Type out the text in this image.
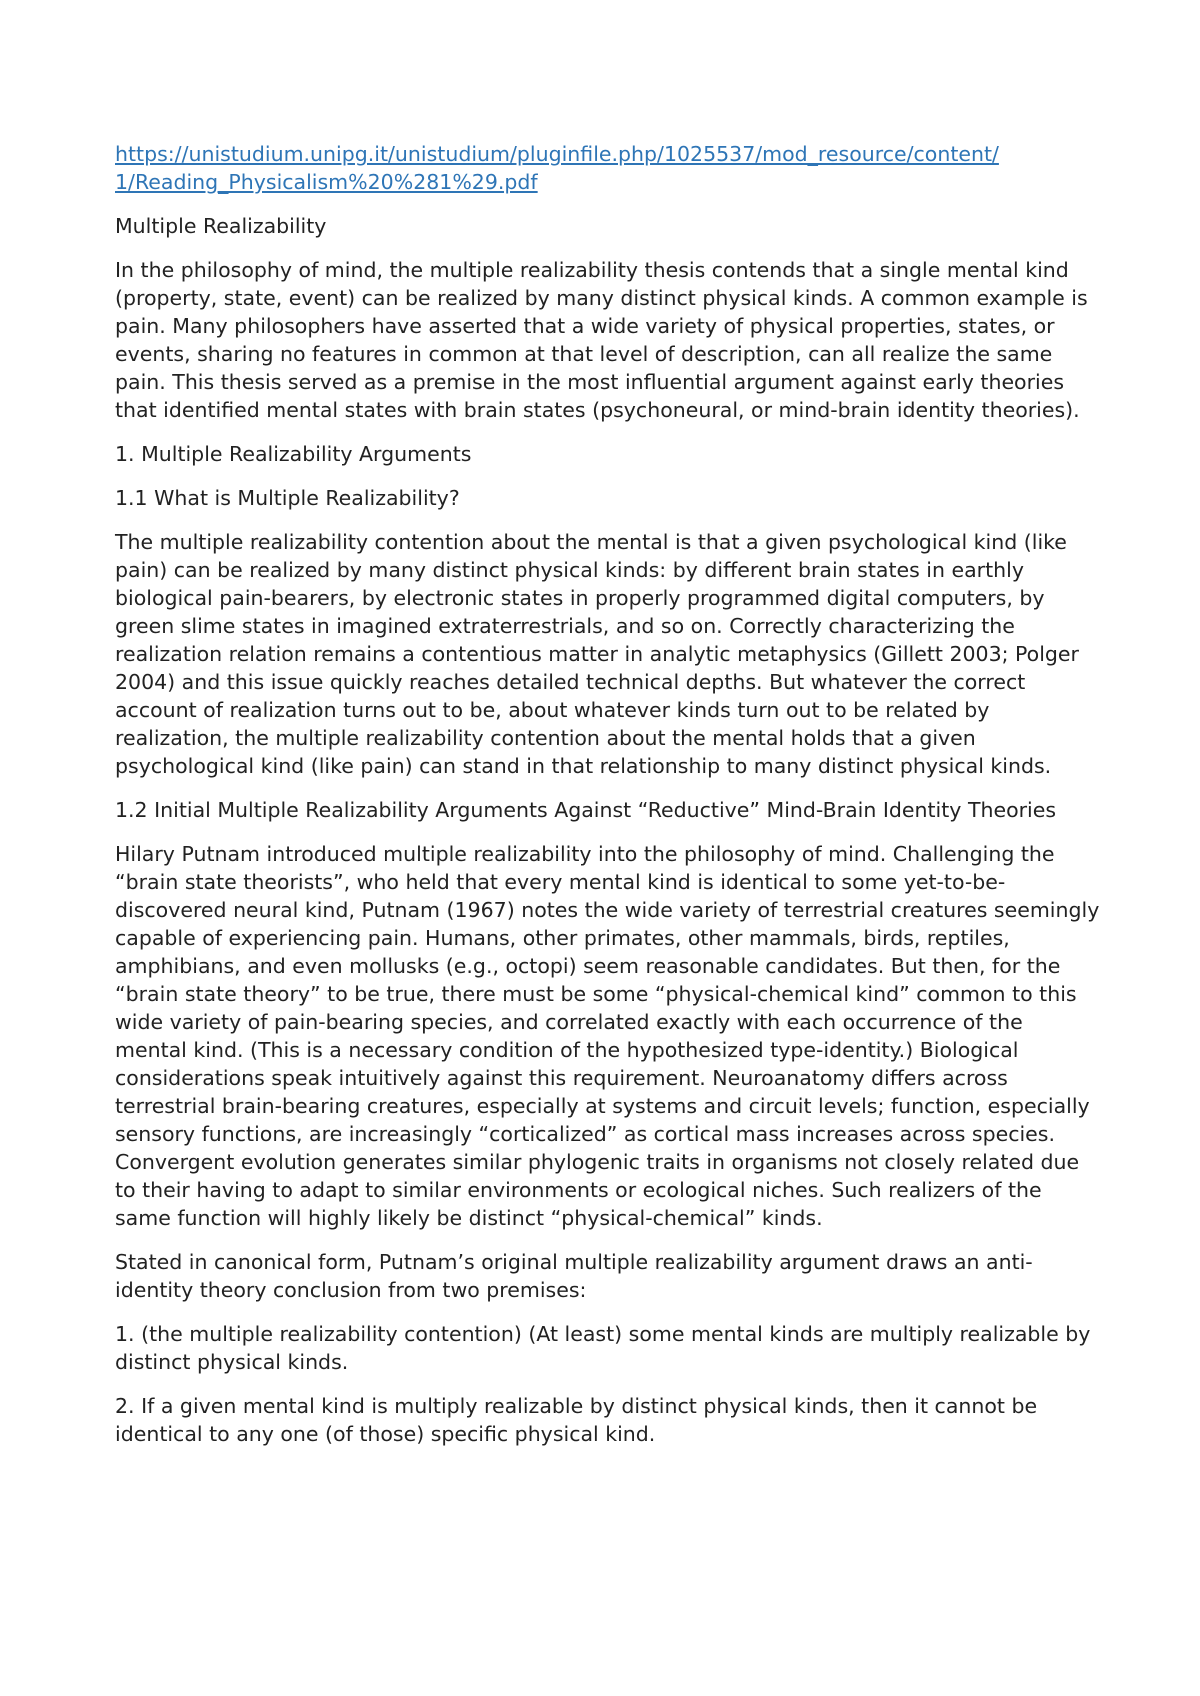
https://unistudium.unipg.it/unistudium/pluginfile.php/1025537/mod_resource/content/
1/Reading_Physicalism%20%281%29.pdf

Multiple Realizability

In the philosophy of mind, the multiple realizability thesis contends that a single mental kind (property, state, event) can be realized by many distinct physical kinds. A common example is pain. Many philosophers have asserted that a wide variety of physical properties, states, or events, sharing no features in common at that level of description, can all realize the same pain. This thesis served as a premise in the most influential argument against early theories that identified mental states with brain states (psychoneural, or mind-brain identity theories).

1. Multiple Realizability Arguments

1.1 What is Multiple Realizability?

The multiple realizability contention about the mental is that a given psychological kind (like pain) can be realized by many distinct physical kinds: by different brain states in earthly biological pain-bearers, by electronic states in properly programmed digital computers, by green slime states in imagined extraterrestrials, and so on. Correctly characterizing the realization relation remains a contentious matter in analytic metaphysics (Gillett 2003; Polger 2004) and this issue quickly reaches detailed technical depths. But whatever the correct account of realization turns out to be, about whatever kinds turn out to be related by realization, the multiple realizability contention about the mental holds that a given psychological kind (like pain) can stand in that relationship to many distinct physical kinds.

1.2 Initial Multiple Realizability Arguments Against “Reductive” Mind-Brain Identity Theories

Hilary Putnam introduced multiple realizability into the philosophy of mind. Challenging the “brain state theorists”, who held that every mental kind is identical to some yet-to-be-discovered neural kind, Putnam (1967) notes the wide variety of terrestrial creatures seemingly capable of experiencing pain. Humans, other primates, other mammals, birds, reptiles, amphibians, and even mollusks (e.g., octopi) seem reasonable candidates. But then, for the “brain state theory” to be true, there must be some “physical-chemical kind” common to this wide variety of pain-bearing species, and correlated exactly with each occurrence of the mental kind. (This is a necessary condition of the hypothesized type-identity.) Biological considerations speak intuitively against this requirement. Neuroanatomy differs across terrestrial brain-bearing creatures, especially at systems and circuit levels; function, especially sensory functions, are increasingly “corticalized” as cortical mass increases across species. Convergent evolution generates similar phylogenic traits in organisms not closely related due to their having to adapt to similar environments or ecological niches. Such realizers of the same function will highly likely be distinct “physical-chemical” kinds.

Stated in canonical form, Putnam’s original multiple realizability argument draws an anti-identity theory conclusion from two premises:

1. (the multiple realizability contention) (At least) some mental kinds are multiply realizable by distinct physical kinds.

2. If a given mental kind is multiply realizable by distinct physical kinds, then it cannot be identical to any one (of those) specific physical kind.
